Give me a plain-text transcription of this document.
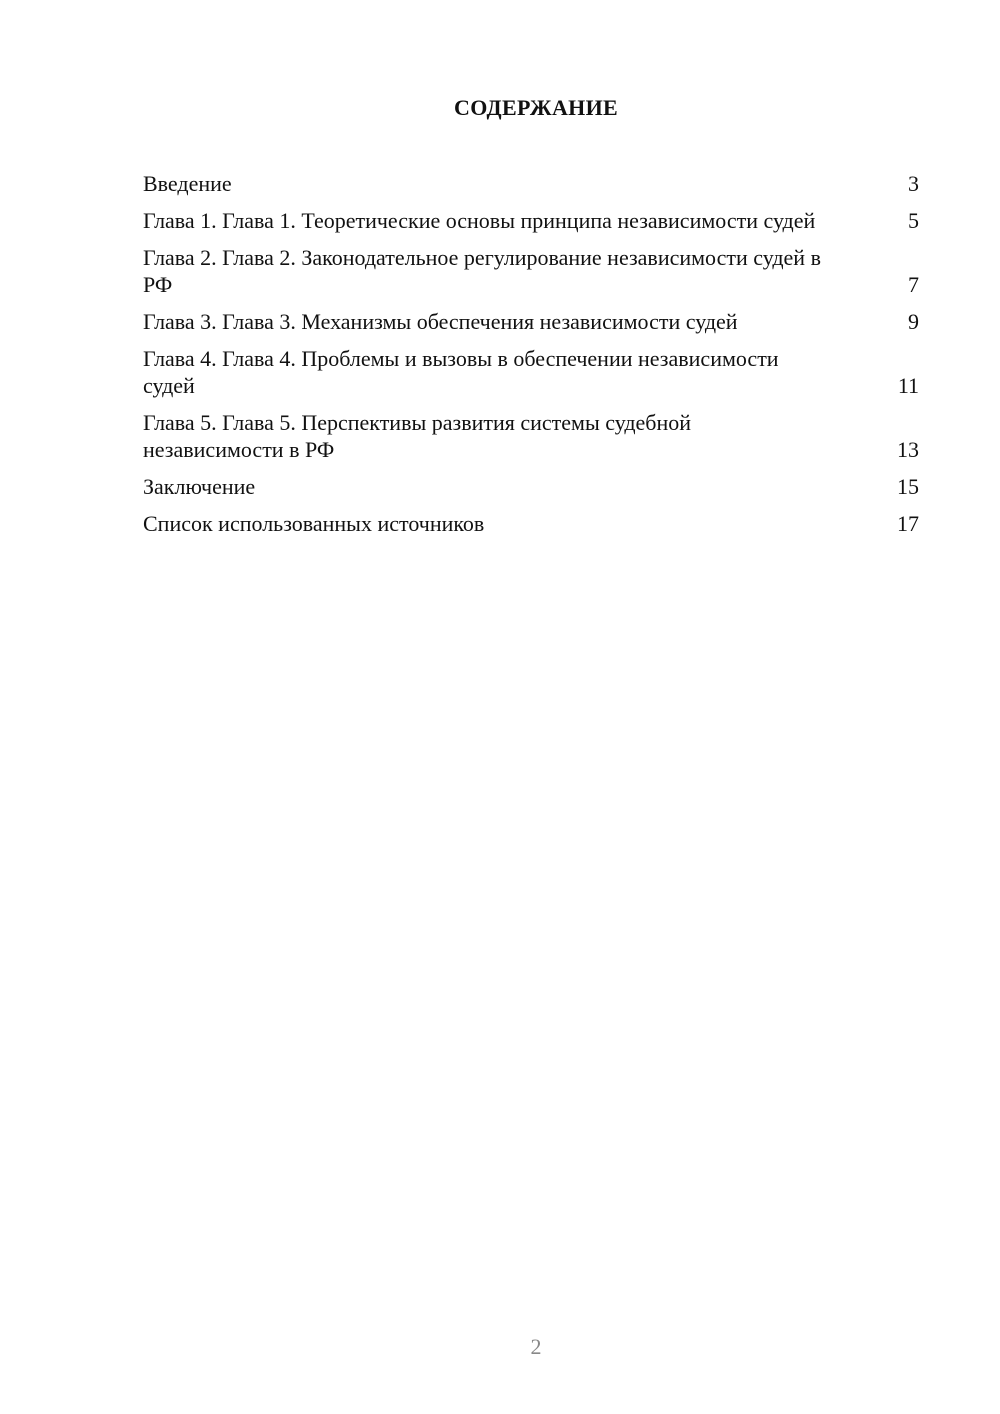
СОДЕРЖАНИЕ
Введение	3
Глава 1. Глава 1. Теоретические основы принципа независимости судей	5
Глава 2. Глава 2. Законодательное регулирование независимости судей в РФ	7
Глава 3. Глава 3. Механизмы обеспечения независимости судей	9
Глава 4. Глава 4. Проблемы и вызовы в обеспечении независимости судей	11
Глава 5. Глава 5. Перспективы развития системы судебной независимости в РФ	13
Заключение	15
Список использованных источников	17
2
